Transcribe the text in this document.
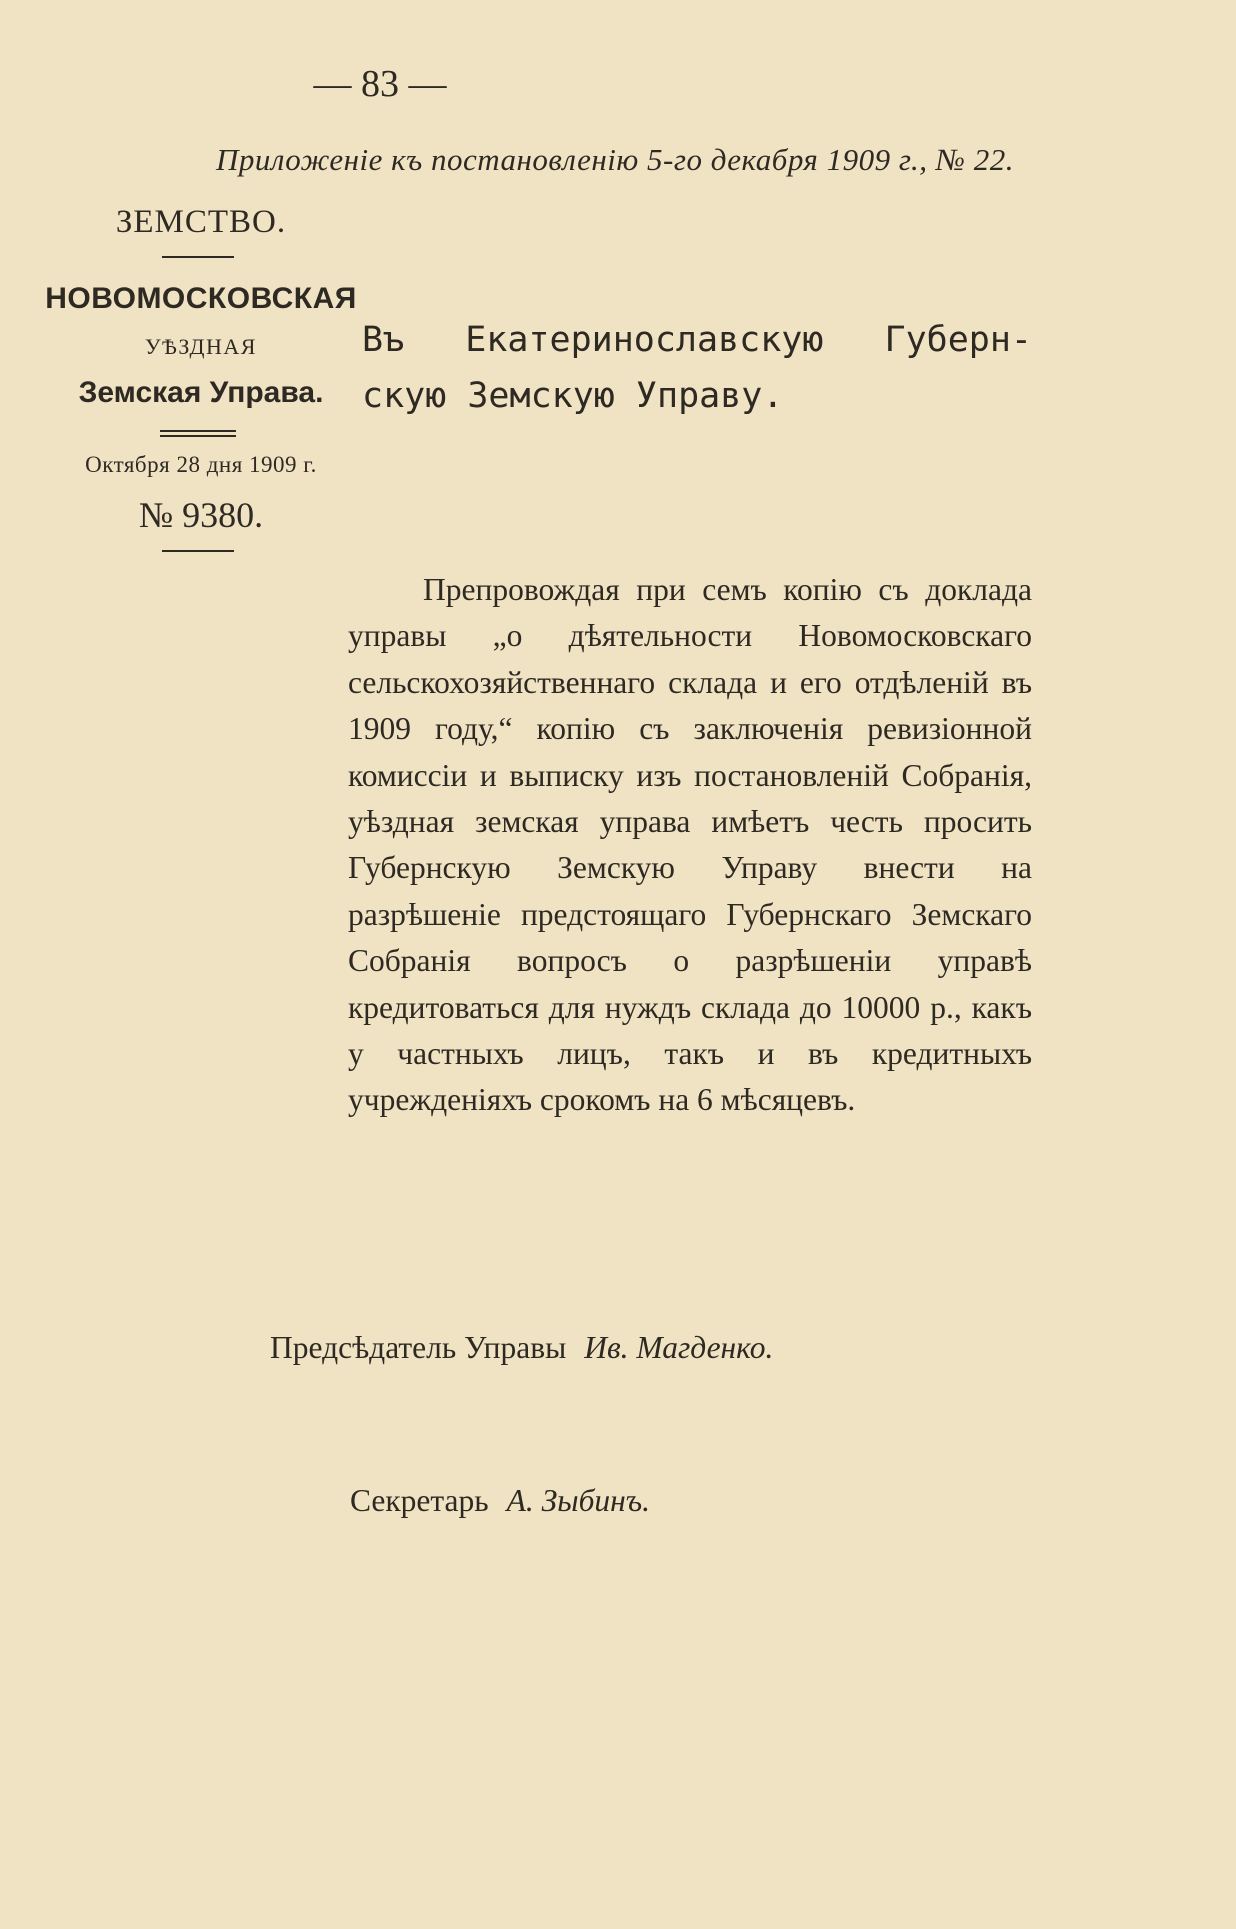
— 83 —
Приложеніе къ постановленію 5-го декабря 1909 г., № 22.
ЗЕМСТВО.
НОВОМОСКОВСКАЯ
УѢЗДНАЯ
Земская Управа.
Октября 28 дня 1909 г.
№ 9380.
Въ Екатеринославскую Губерн-
скую Земскую Управу.

Препровождая при семъ копію съ доклада управы „о дѣятельности Новомосковскаго сельскохозяйственнаго склада и его отдѣленій въ 1909 году,“ копію съ заключенія ревизіонной комиссіи и выписку изъ постановленій Собранія, уѣздная земская управа имѣетъ честь просить Губернскую Земскую Управу внести на разрѣшеніе предстоящаго Губернскаго Земскаго Собранія вопросъ о разрѣшеніи управѣ кредитоваться для нуждъ склада до 10000 р., какъ у частныхъ лицъ, такъ и въ кредитныхъ учрежденіяхъ срокомъ на 6 мѣсяцевъ.

Предсѣдатель Управы Ив. Магденко.
Секретарь А. Зыбинъ.
